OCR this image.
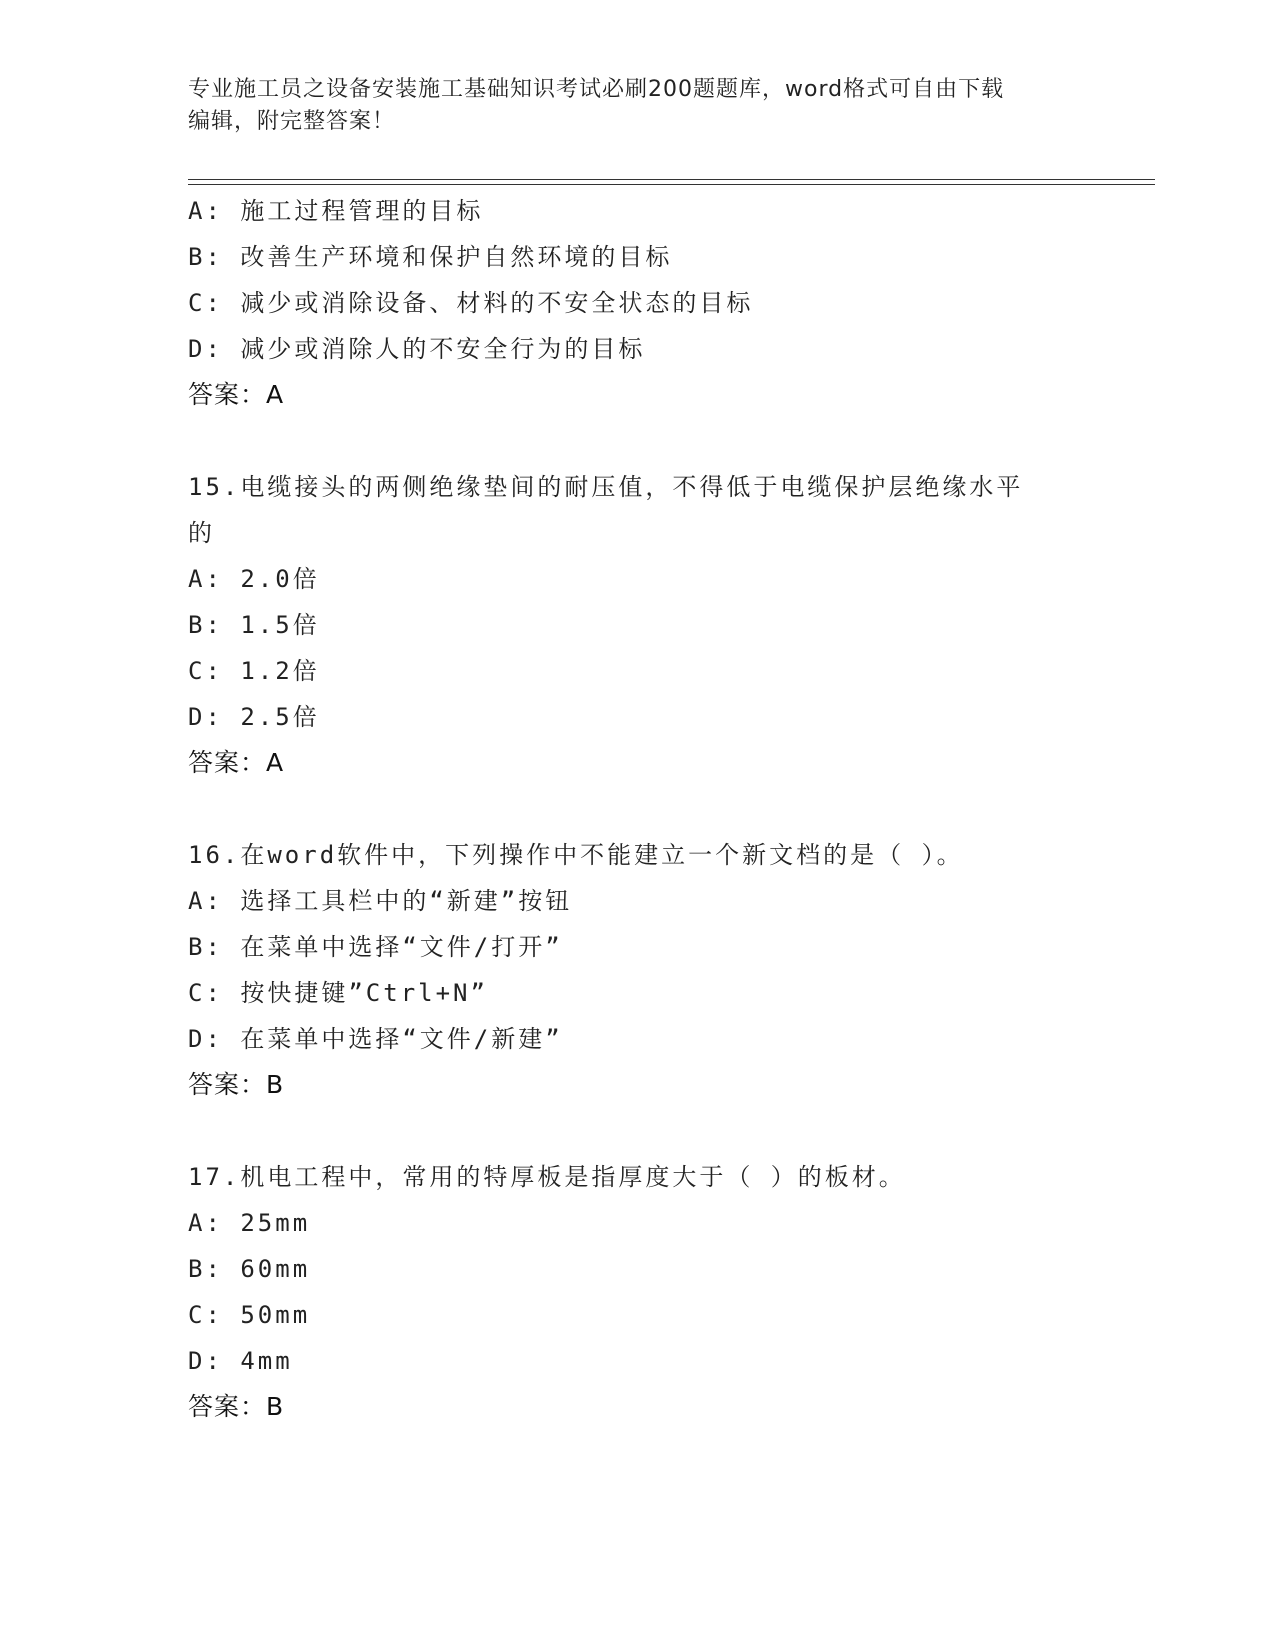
专业施工员之设备安装施工基础知识考试必刷200题题库，word格式可自由下载
编辑，附完整答案！
A: 施工过程管理的目标
B: 改善生产环境和保护自然环境的目标
C: 减少或消除设备、材料的不安全状态的目标
D: 减少或消除人的不安全行为的目标
答案：A
15.电缆接头的两侧绝缘垫间的耐压值，不得低于电缆保护层绝缘水平
的
A: 2.0倍
B: 1.5倍
C: 1.2倍
D: 2.5倍
答案：A
16.在word软件中，下列操作中不能建立一个新文档的是（ ）。
A: 选择工具栏中的“新建”按钮
B: 在菜单中选择“文件/打开”
C: 按快捷键”Ctrl+N”
D: 在菜单中选择“文件/新建”
答案：B
17.机电工程中，常用的特厚板是指厚度大于（ ）的板材。
A: 25mm
B: 60mm
C: 50mm
D: 4mm
答案：B
